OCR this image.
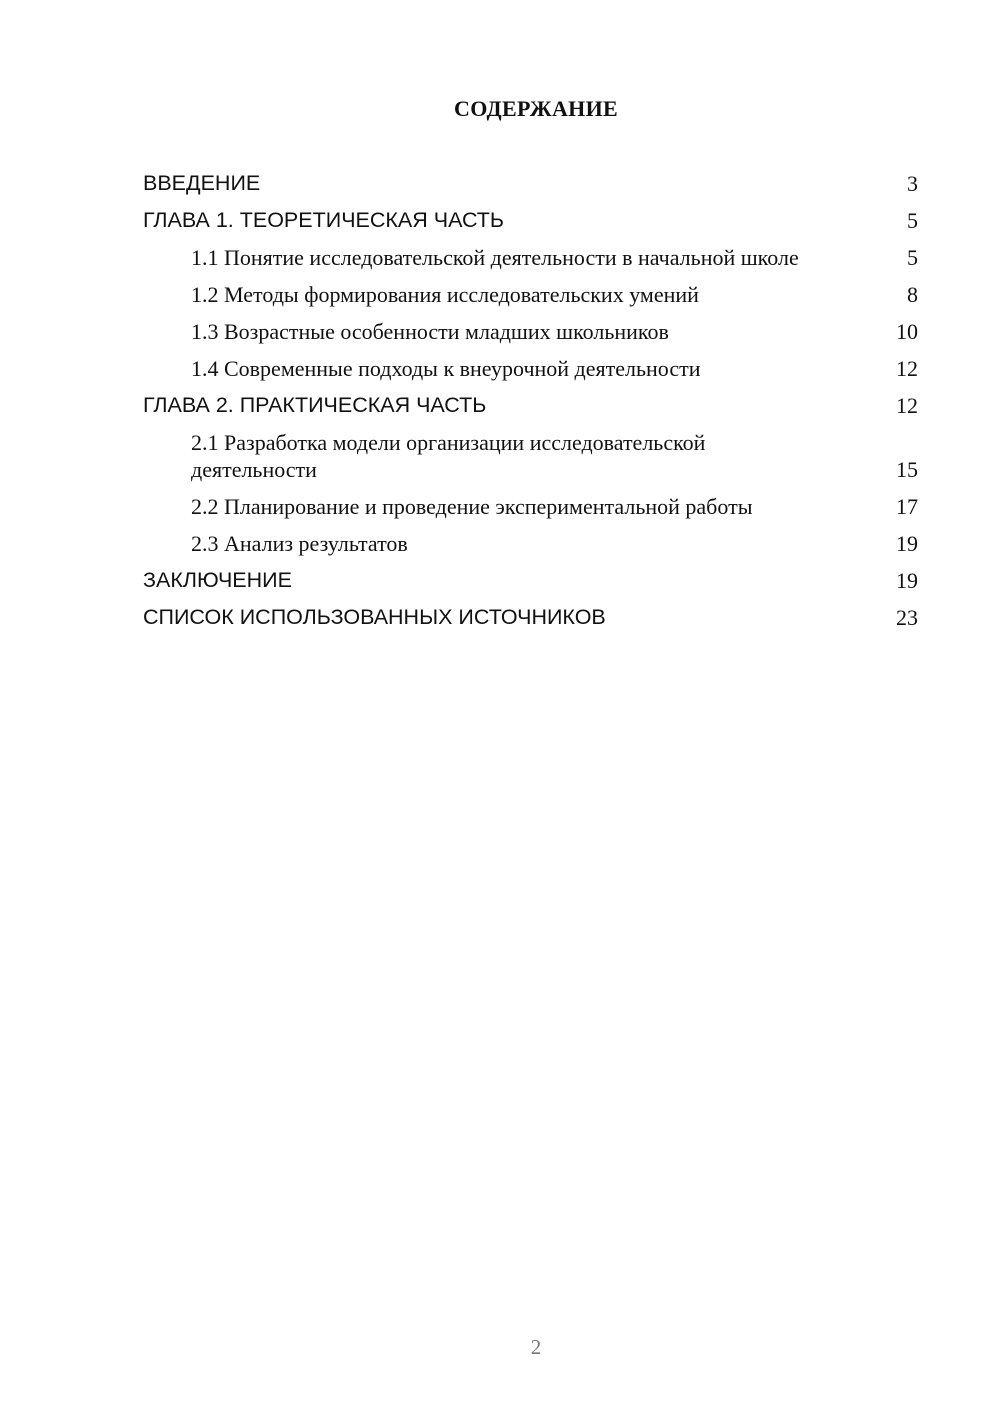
СОДЕРЖАНИЕ
ВВЕДЕНИЕ	3
ГЛАВА 1. ТЕОРЕТИЧЕСКАЯ ЧАСТЬ	5
1.1 Понятие исследовательской деятельности в начальной школе	5
1.2 Методы формирования исследовательских умений	8
1.3 Возрастные особенности младших школьников	10
1.4 Современные подходы к внеурочной деятельности	12
ГЛАВА 2. ПРАКТИЧЕСКАЯ ЧАСТЬ	12
2.1 Разработка модели организации исследовательской деятельности	15
2.2 Планирование и проведение экспериментальной работы	17
2.3 Анализ результатов	19
ЗАКЛЮЧЕНИЕ	19
СПИСОК ИСПОЛЬЗОВАННЫХ ИСТОЧНИКОВ	23
2
